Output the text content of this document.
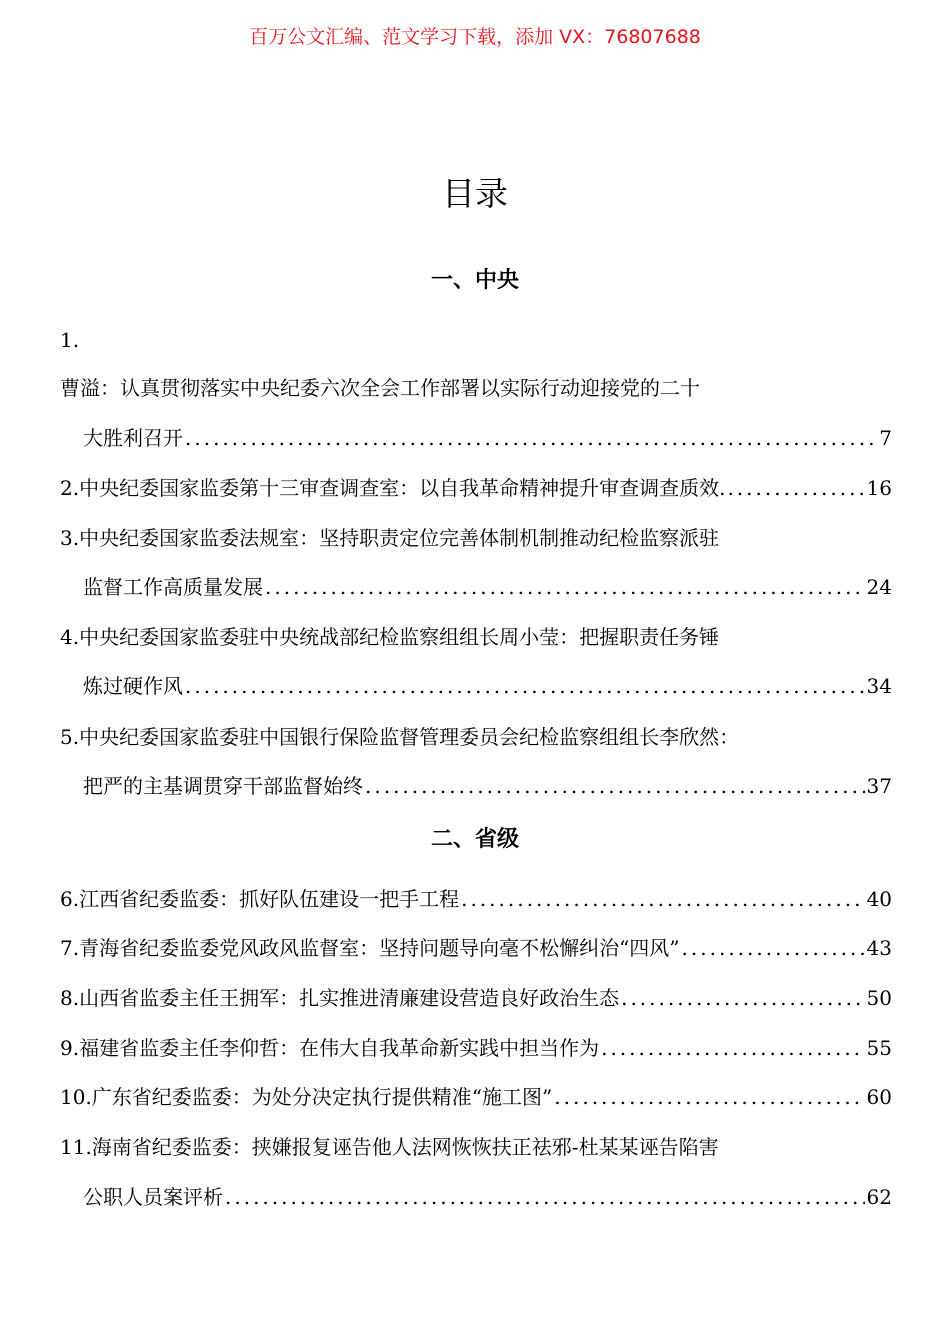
百万公文汇编、范文学习下载，添加 VX：76807688
目录
一、中央
1.
曹溢：认真贯彻落实中央纪委六次全会工作部署以实际行动迎接党的二十
大胜利召开 .....	7
2.中央纪委国家监委第十三审查调查室：以自我革命精神提升审查调查质效. .....	16
3.中央纪委国家监委法规室：坚持职责定位完善体制机制推动纪检监察派驻
监督工作高质量发展 .....	24
4.中央纪委国家监委驻中央统战部纪检监察组组长周小莹：把握职责任务锤
炼过硬作风 .....	34
5.中央纪委国家监委驻中国银行保险监督管理委员会纪检监察组组长李欣然：
把严的主基调贯穿干部监督始终 .....	37
二、省级
6.江西省纪委监委：抓好队伍建设一把手工程 .....	40
7.青海省纪委监委党风政风监督室：坚持问题导向毫不松懈纠治“四风” .....	43
8.山西省监委主任王拥军：扎实推进清廉建设营造良好政治生态 .....	50
9.福建省监委主任李仰哲：在伟大自我革命新实践中担当作为 .....	55
10.广东省纪委监委：为处分决定执行提供精准“施工图” .....	60
11.海南省纪委监委：挟嫌报复诬告他人法网恢恢扶正祛邪-杜某某诬告陷害
公职人员案评析 .....	62
